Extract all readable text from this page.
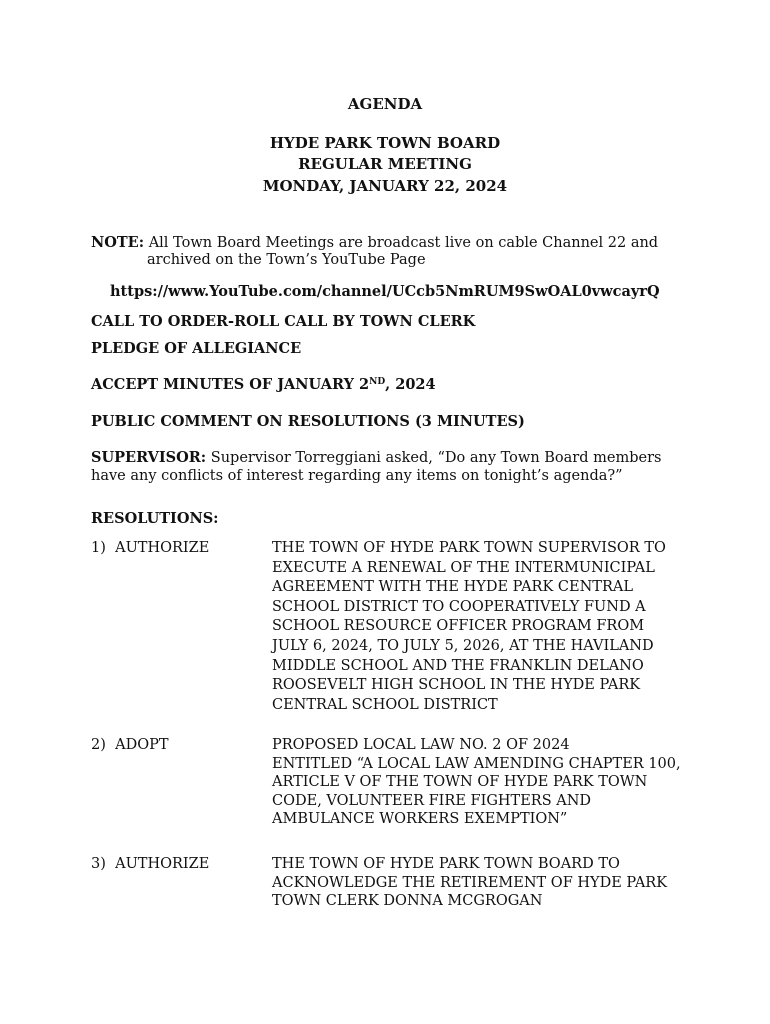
AGENDA
HYDE PARK TOWN BOARD
REGULAR MEETING
MONDAY, JANUARY 22, 2024
NOTE: All Town Board Meetings are broadcast live on cable Channel 22 and
archived on the Town’s YouTube Page
https://www.YouTube.com/channel/UCcb5NmRUM9SwOAL0vwcayrQ
CALL TO ORDER-ROLL CALL BY TOWN CLERK
PLEDGE OF ALLEGIANCE
ACCEPT MINUTES OF JANUARY 2ND, 2024
PUBLIC COMMENT ON RESOLUTIONS (3 MINUTES)
SUPERVISOR: Supervisor Torreggiani asked, “Do any Town Board members
have any conflicts of interest regarding any items on tonight’s agenda?”
RESOLUTIONS:
1) AUTHORIZE	THE TOWN OF HYDE PARK TOWN SUPERVISOR TO
EXECUTE A RENEWAL OF THE INTERMUNICIPAL
AGREEMENT WITH THE HYDE PARK CENTRAL
SCHOOL DISTRICT TO COOPERATIVELY FUND A
SCHOOL RESOURCE OFFICER PROGRAM FROM
JULY 6, 2024, TO JULY 5, 2026, AT THE HAVILAND
MIDDLE SCHOOL AND THE FRANKLIN DELANO
ROOSEVELT HIGH SCHOOL IN THE HYDE PARK
CENTRAL SCHOOL DISTRICT
2) ADOPT	PROPOSED LOCAL LAW NO. 2 OF 2024
ENTITLED “A LOCAL LAW AMENDING CHAPTER 100,
ARTICLE V OF THE TOWN OF HYDE PARK TOWN
CODE, VOLUNTEER FIRE FIGHTERS AND
AMBULANCE WORKERS EXEMPTION”
3) AUTHORIZE	THE TOWN OF HYDE PARK TOWN BOARD TO
ACKNOWLEDGE THE RETIREMENT OF HYDE PARK
TOWN CLERK DONNA MCGROGAN
